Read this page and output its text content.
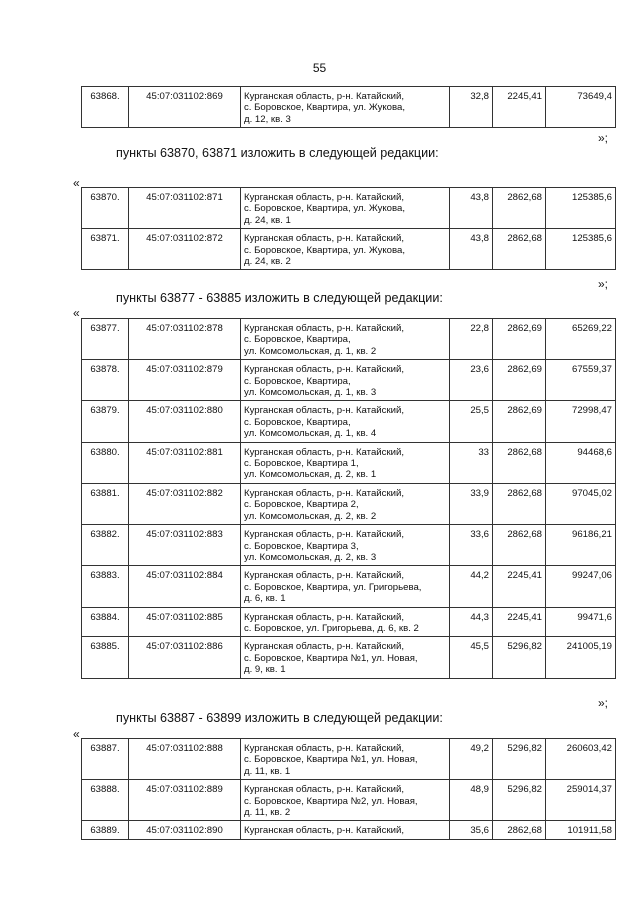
55
63868.	45:07:031102:869	Курганская область, р-н. Катайский,
с. Боровское, Квартира, ул. Жукова,
д. 12, кв. 3
	32,8	2245,41	73649,4
»;
пункты 63870, 63871 изложить в следующей редакции:
«
63870.	45:07:031102:871	Курганская область, р-н. Катайский,
с. Боровское, Квартира, ул. Жукова,
д. 24, кв. 1	43,8	2862,68	125385,6
63871.	45:07:031102:872	Курганская область, р-н. Катайский,
с. Боровское, Квартира, ул. Жукова,
д. 24, кв. 2	43,8	2862,68	125385,6
»;
пункты 63877 - 63885 изложить в следующей редакции:
«
63877.	45:07:031102:878	Курганская область, р-н. Катайский,
с. Боровское, Квартира,
ул. Комсомольская, д. 1, кв. 2	22,8	2862,69	65269,22
63878.	45:07:031102:879	Курганская область, р-н. Катайский,
с. Боровское, Квартира,
ул. Комсомольская, д. 1, кв. 3	23,6	2862,69	67559,37
63879.	45:07:031102:880	Курганская область, р-н. Катайский,
с. Боровское, Квартира,
ул. Комсомольская, д. 1, кв. 4	25,5	2862,69	72998,47
63880.	45:07:031102:881	Курганская область, р-н. Катайский,
с. Боровское, Квартира 1,
ул. Комсомольская, д. 2, кв. 1	33	2862,68	94468,6
63881.	45:07:031102:882	Курганская область, р-н. Катайский,
с. Боровское, Квартира 2,
ул. Комсомольская, д. 2, кв. 2	33,9	2862,68	97045,02
63882.	45:07:031102:883	Курганская область, р-н. Катайский,
с. Боровское, Квартира 3,
ул. Комсомольская, д. 2, кв. 3	33,6	2862,68	96186,21
63883.	45:07:031102:884	Курганская область, р-н. Катайский,
с. Боровское, Квартира, ул. Григорьева,
д. 6, кв. 1	44,2	2245,41	99247,06
63884.	45:07:031102:885	Курганская область, р-н. Катайский,
с. Боровское, ул. Григорьева, д. 6, кв. 2	44,3	2245,41	99471,6
63885.	45:07:031102:886	Курганская область, р-н. Катайский,
с. Боровское, Квартира №1, ул. Новая,
д. 9, кв. 1	45,5	5296,82	241005,19
»;
пункты 63887 - 63899 изложить в следующей редакции:
«
63887.	45:07:031102:888	Курганская область, р-н. Катайский,
с. Боровское, Квартира №1, ул. Новая,
д. 11, кв. 1	49,2	5296,82	260603,42
63888.	45:07:031102:889	Курганская область, р-н. Катайский,
с. Боровское, Квартира №2, ул. Новая,
д. 11, кв. 2	48,9	5296,82	259014,37
63889.	45:07:031102:890	Курганская область, р-н. Катайский,	35,6	2862,68	101911,58
